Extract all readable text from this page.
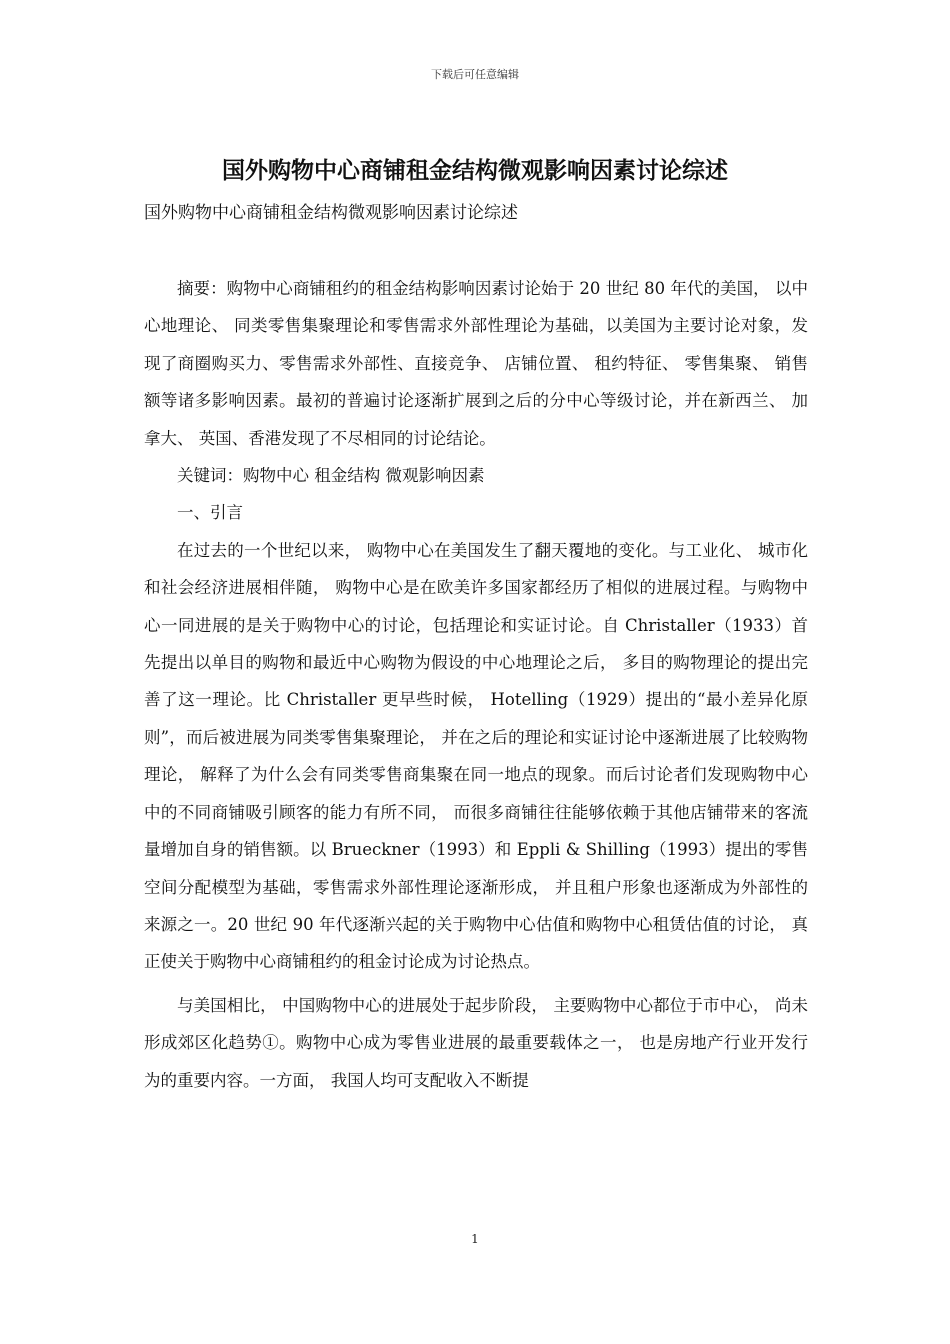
下载后可任意编辑
国外购物中心商铺租金结构微观影响因素讨论综述

国外购物中心商铺租金结构微观影响因素讨论综述

摘要：购物中心商铺租约的租金结构影响因素讨论始于 20 世纪 80 年代的美国， 以中心地理论、 同类零售集聚理论和零售需求外部性理论为基础，以美国为主要讨论对象，发现了商圈购买力、零售需求外部性、直接竞争、 店铺位置、 租约特征、 零售集聚、 销售额等诸多影响因素。最初的普遍讨论逐渐扩展到之后的分中心等级讨论，并在新西兰、 加拿大、 英国、香港发现了不尽相同的讨论结论。

关键词：购物中心 租金结构 微观影响因素

一、引言

在过去的一个世纪以来， 购物中心在美国发生了翻天覆地的变化。与工业化、 城市化和社会经济进展相伴随， 购物中心是在欧美许多国家都经历了相似的进展过程。与购物中心一同进展的是关于购物中心的讨论，包括理论和实证讨论。自 Christaller（1933）首先提出以单目的购物和最近中心购物为假设的中心地理论之后， 多目的购物理论的提出完善了这一理论。比 Christaller 更早些时候， Hotelling（1929）提出的“最小差异化原则”，而后被进展为同类零售集聚理论， 并在之后的理论和实证讨论中逐渐进展了比较购物理论， 解释了为什么会有同类零售商集聚在同一地点的现象。而后讨论者们发现购物中心中的不同商铺吸引顾客的能力有所不同， 而很多商铺往往能够依赖于其他店铺带来的客流量增加自身的销售额。以 Brueckner（1993）和 Eppli & Shilling（1993）提出的零售空间分配模型为基础，零售需求外部性理论逐渐形成， 并且租户形象也逐渐成为外部性的来源之一。20 世纪 90 年代逐渐兴起的关于购物中心估值和购物中心租赁估值的讨论， 真正使关于购物中心商铺租约的租金讨论成为讨论热点。

与美国相比， 中国购物中心的进展处于起步阶段， 主要购物中心都位于市中心， 尚未形成郊区化趋势①。购物中心成为零售业进展的最重要载体之一， 也是房地产行业开发行为的重要内容。一方面， 我国人均可支配收入不断提

1
